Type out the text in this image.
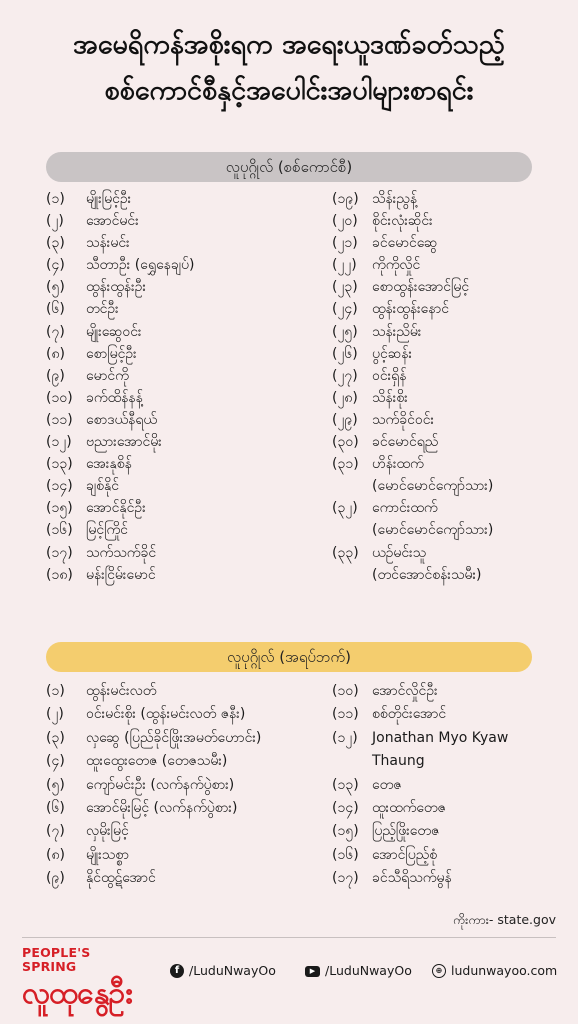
အမေရိကန်အစိုးရက အရေးယူဒဏ်ခတ်သည့်
စစ်ကောင်စီနှင့်အပေါင်းအပါများစာရင်း
လူပုဂ္ဂိုလ် (စစ်ကောင်စီ)
(၁) မျိုးမြင့်ဦး
(၂) အောင်မင်း
(၃) သန်းမင်း
(၄) သီတာဦး (ရွှေနေချပ်)
(၅) ထွန်းထွန်းဦး
(၆) တင်ဦး
(၇) မျိုးဆွေဝင်း
(၈) စောမြင့်ဦး
(၉) မောင်ကို
(၁၀) ခက်ထိန်နန့်
(၁၁) စောဒယ်နီရယ်
(၁၂) ဗညားအောင်မိုး
(၁၃) အေးနုစိန်
(၁၄) ချစ်နိုင်
(၁၅) အောင်နိုင်ဦး
(၁၆) မြင့်ကြိုင်
(၁၇) သက်သက်ခိုင်
(၁၈) မန်းငြိမ်းမောင်
(၁၉) သိန်းညွန့်
(၂၀) စိုင်းလုံးဆိုင်း
(၂၁) ခင်မောင်ဆွေ
(၂၂) ကိုကိုလှိုင်
(၂၃) စောထွန်းအောင်မြင့်
(၂၄) ထွန်းထွန်းနောင်
(၂၅) သန်းညိမ်း
(၂၆) ပွင့်ဆန်း
(၂၇) ဝင်းရှိန်
(၂၈) သိန်းစိုး
(၂၉) သက်ခိုင်ဝင်း
(၃၀) ခင်မောင်ရည်
(၃၁) ဟိန်းထက်
(မောင်မောင်ကျော်သား)
(၃၂) ကောင်းထက်
(မောင်မောင်ကျော်သား)
(၃၃) ယဉ်မင်းသူ
(တင်အောင်စန်းသမီး)
လူပုဂ္ဂိုလ် (အရပ်ဘက်)
(၁) ထွန်းမင်းလတ်
(၂) ဝင်းမင်းစိုး (ထွန်းမင်းလတ် ဇနီး)
(၃) လှဆွေ (ပြည်ခိုင်ဖြိုးအမတ်ဟောင်း)
(၄) ထူးထွေးတေဇ (တေဇသမီး)
(၅) ကျော်မင်းဦး (လက်နက်ပွဲစား)
(၆) အောင်မိုးမြင့် (လက်နက်ပွဲစား)
(၇) လှမိုးမြင့်
(၈) မျိုးသစ္စာ
(၉) နိုင်ထွဋ်အောင်
(၁၀) အောင်လှိုင်ဦး
(၁၁) စစ်တိုင်းအောင်
(၁၂) Jonathan Myo Kyaw
Thaung
(၁၃) တေဇ
(၁၄) ထူးထက်တေဇ
(၁၅) ပြည့်ဖြိုးတေဇ
(၁၆) အောင်ပြည့်စုံ
(၁၇) ခင်သီရိသက်မွန်
ကိုးကား- state.gov
PEOPLE'S SPRING
လူထုနွေဦး
f /LuduNwayOo	▶ /LuduNwayOo	⊕ ludunwayoo.com
